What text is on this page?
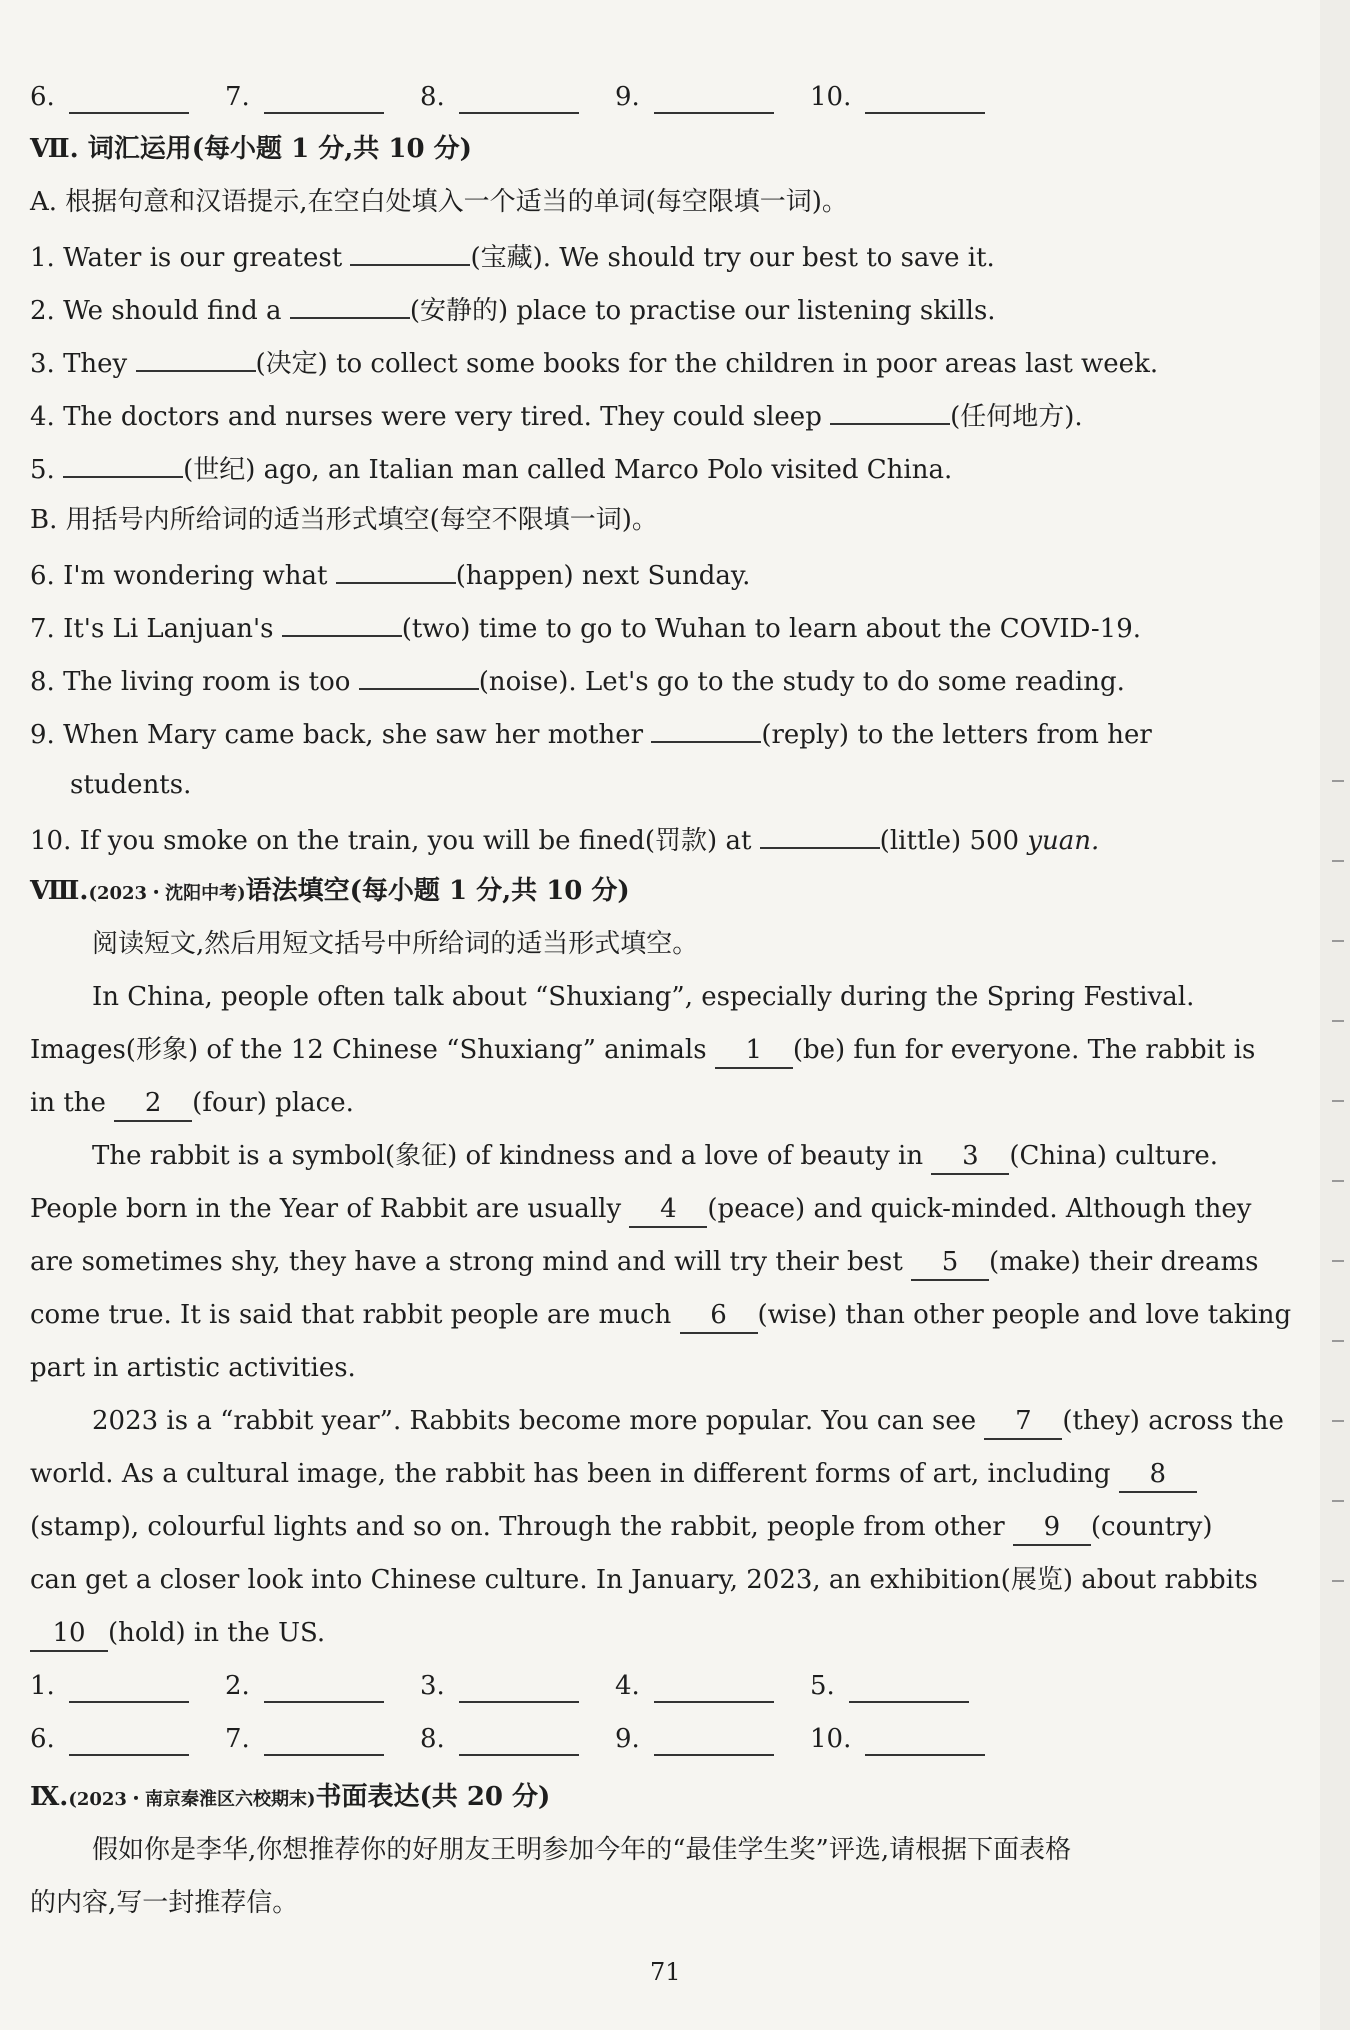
6.	7.	8.	9.	10.
Ⅶ. 词汇运用(每小题 1 分,共 10 分)
A. 根据句意和汉语提示,在空白处填入一个适当的单词(每空限填一词)。
1. Water is our greatest	(宝藏). We should try our best to save it.
2. We should find a	(安静的) place to practise our listening skills.
3. They	(决定) to collect some books for the children in poor areas last week.
4. The doctors and nurses were very tired. They could sleep	(任何地方).
5.	(世纪) ago, an Italian man called Marco Polo visited China.
B. 用括号内所给词的适当形式填空(每空不限填一词)。
6. I'm wondering what	(happen) next Sunday.
7. It's Li Lanjuan's	(two) time to go to Wuhan to learn about the COVID-19.
8. The living room is too	(noise). Let's go to the study to do some reading.
9. When Mary came back, she saw her mother	(reply) to the letters from her
students.
10. If you smoke on the train, you will be fined(罚款) at	(little) 500 yuan.
Ⅷ.(2023・沈阳中考)语法填空(每小题 1 分,共 10 分)
阅读短文,然后用短文括号中所给词的适当形式填空。
In China, people often talk about “Shuxiang”, especially during the Spring Festival.
Images(形象) of the 12 Chinese “Shuxiang” animals 1 (be) fun for everyone. The rabbit is
in the 2 (four) place.
The rabbit is a symbol(象征) of kindness and a love of beauty in 3 (China) culture.
People born in the Year of Rabbit are usually 4 (peace) and quick-minded. Although they
are sometimes shy, they have a strong mind and will try their best 5 (make) their dreams
come true. It is said that rabbit people are much 6 (wise) than other people and love taking
part in artistic activities.
2023 is a “rabbit year”. Rabbits become more popular. You can see 7 (they) across the
world. As a cultural image, the rabbit has been in different forms of art, including 8
(stamp), colourful lights and so on. Through the rabbit, people from other 9 (country)
can get a closer look into Chinese culture. In January, 2023, an exhibition(展览) about rabbits
10 (hold) in the US.
1.	2.	3.	4.	5.
6.	7.	8.	9.	10.
Ⅸ.(2023・南京秦淮区六校期末)书面表达(共 20 分)
假如你是李华,你想推荐你的好朋友王明参加今年的“最佳学生奖”评选,请根据下面表格
的内容,写一封推荐信。
71
